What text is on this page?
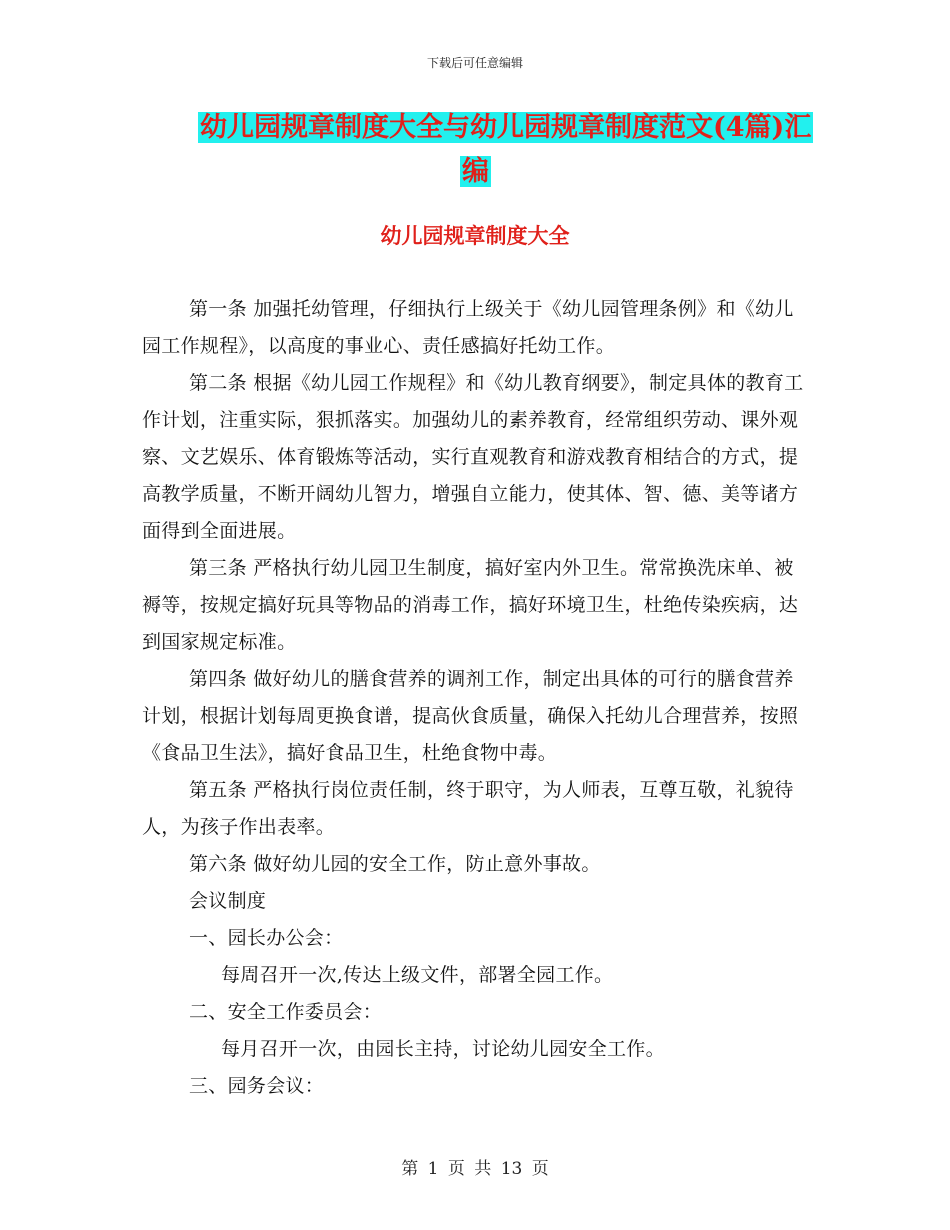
下载后可任意编辑
幼儿园规章制度大全与幼儿园规章制度范文(4篇)汇
编
幼儿园规章制度大全

第一条 加强托幼管理，仔细执行上级关于《幼儿园管理条例》和《幼儿园工作规程》，以高度的事业心、责任感搞好托幼工作。

第二条 根据《幼儿园工作规程》和《幼儿教育纲要》，制定具体的教育工作计划，注重实际，狠抓落实。加强幼儿的素养教育，经常组织劳动、课外观察、文艺娱乐、体育锻炼等活动，实行直观教育和游戏教育相结合的方式，提高教学质量，不断开阔幼儿智力，增强自立能力，使其体、智、德、美等诸方面得到全面进展。

第三条 严格执行幼儿园卫生制度，搞好室内外卫生。常常换洗床单、被褥等，按规定搞好玩具等物品的消毒工作，搞好环境卫生，杜绝传染疾病，达到国家规定标准。

第四条 做好幼儿的膳食营养的调剂工作，制定出具体的可行的膳食营养计划，根据计划每周更换食谱，提高伙食质量，确保入托幼儿合理营养，按照《食品卫生法》，搞好食品卫生，杜绝食物中毒。

第五条 严格执行岗位责任制，终于职守，为人师表，互尊互敬，礼貌待人，为孩子作出表率。

第六条 做好幼儿园的安全工作，防止意外事故。

会议制度

一、园长办公会：

每周召开一次,传达上级文件，部署全园工作。

二、安全工作委员会：

每月召开一次，由园长主持，讨论幼儿园安全工作。

三、园务会议：

第 1 页 共 13 页
